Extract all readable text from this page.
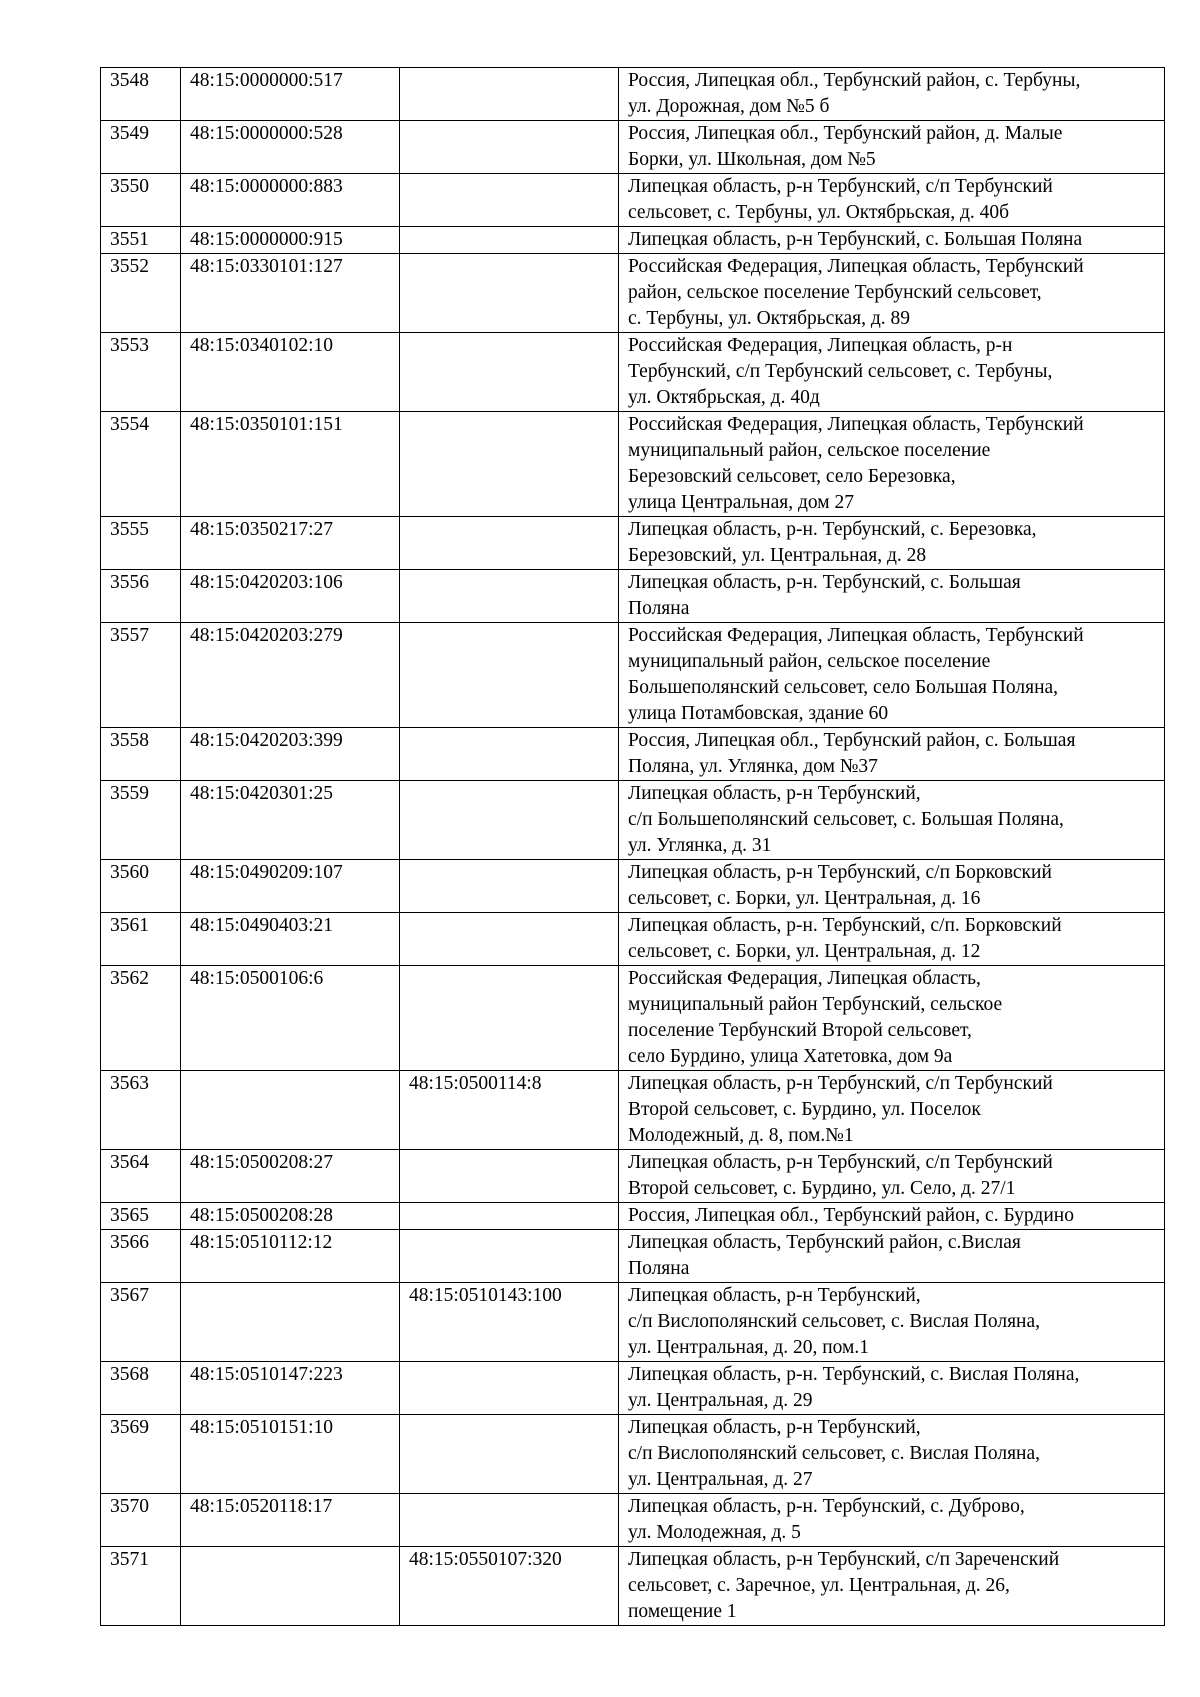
3548	48:15:0000000:517		Россия, Липецкая обл., Тербунский район, с. Тербуны,
ул. Дорожная, дом №5 б

3549	48:15:0000000:528		Россия, Липецкая обл., Тербунский район, д. Малые
Борки, ул. Школьная, дом №5

3550	48:15:0000000:883		Липецкая область, р-н Тербунский, с/п Тербунский
сельсовет, с. Тербуны, ул. Октябрьская, д. 40б

3551	48:15:0000000:915		Липецкая область, р-н Тербунский, с. Большая Поляна

3552	48:15:0330101:127		Российская Федерация, Липецкая область, Тербунский
район, сельское поселение Тербунский сельсовет,
с. Тербуны, ул. Октябрьская, д. 89

3553	48:15:0340102:10		Российская Федерация, Липецкая область, р-н
Тербунский, с/п Тербунский сельсовет, с. Тербуны,
ул. Октябрьская, д. 40д

3554	48:15:0350101:151		Российская Федерация, Липецкая область, Тербунский
муниципальный район, сельское поселение
Березовский сельсовет, село Березовка,
улица Центральная, дом 27

3555	48:15:0350217:27		Липецкая область, р-н. Тербунский, с. Березовка,
Березовский, ул. Центральная, д. 28

3556	48:15:0420203:106		Липецкая область, р-н. Тербунский, с. Большая
Поляна

3557	48:15:0420203:279		Российская Федерация, Липецкая область, Тербунский
муниципальный район, сельское поселение
Большеполянский сельсовет, село Большая Поляна,
улица Потамбовская, здание 60

3558	48:15:0420203:399		Россия, Липецкая обл., Тербунский район, с. Большая
Поляна, ул. Углянка, дом №37

3559	48:15:0420301:25		Липецкая область, р-н Тербунский,
с/п Большеполянский сельсовет, с. Большая Поляна,
ул. Углянка, д. 31

3560	48:15:0490209:107		Липецкая область, р-н Тербунский, с/п Борковский
сельсовет, с. Борки, ул. Центральная, д. 16

3561	48:15:0490403:21		Липецкая область, р-н. Тербунский, с/п. Борковский
сельсовет, с. Борки, ул. Центральная, д. 12

3562	48:15:0500106:6		Российская Федерация, Липецкая область,
муниципальный район Тербунский, сельское
поселение Тербунский Второй сельсовет,
село Бурдино, улица Хатетовка, дом 9а

3563		48:15:0500114:8	Липецкая область, р-н Тербунский, с/п Тербунский
Второй сельсовет, с. Бурдино, ул. Поселок
Молодежный, д. 8, пом.№1

3564	48:15:0500208:27		Липецкая область, р-н Тербунский, с/п Тербунский
Второй сельсовет, с. Бурдино, ул. Село, д. 27/1

3565	48:15:0500208:28		Россия, Липецкая обл., Тербунский район, с. Бурдино

3566	48:15:0510112:12		Липецкая область, Тербунский район, с.Вислая
Поляна

3567		48:15:0510143:100	Липецкая область, р-н Тербунский,
с/п Вислополянский сельсовет, с. Вислая Поляна,
ул. Центральная, д. 20, пом.1

3568	48:15:0510147:223		Липецкая область, р-н. Тербунский, с. Вислая Поляна,
ул. Центральная, д. 29

3569	48:15:0510151:10		Липецкая область, р-н Тербунский,
с/п Вислополянский сельсовет, с. Вислая Поляна,
ул. Центральная, д. 27

3570	48:15:0520118:17		Липецкая область, р-н. Тербунский, с. Дуброво,
ул. Молодежная, д. 5

3571		48:15:0550107:320	Липецкая область, р-н Тербунский, с/п Зареченский
сельсовет, с. Заречное, ул. Центральная, д. 26,
помещение 1
